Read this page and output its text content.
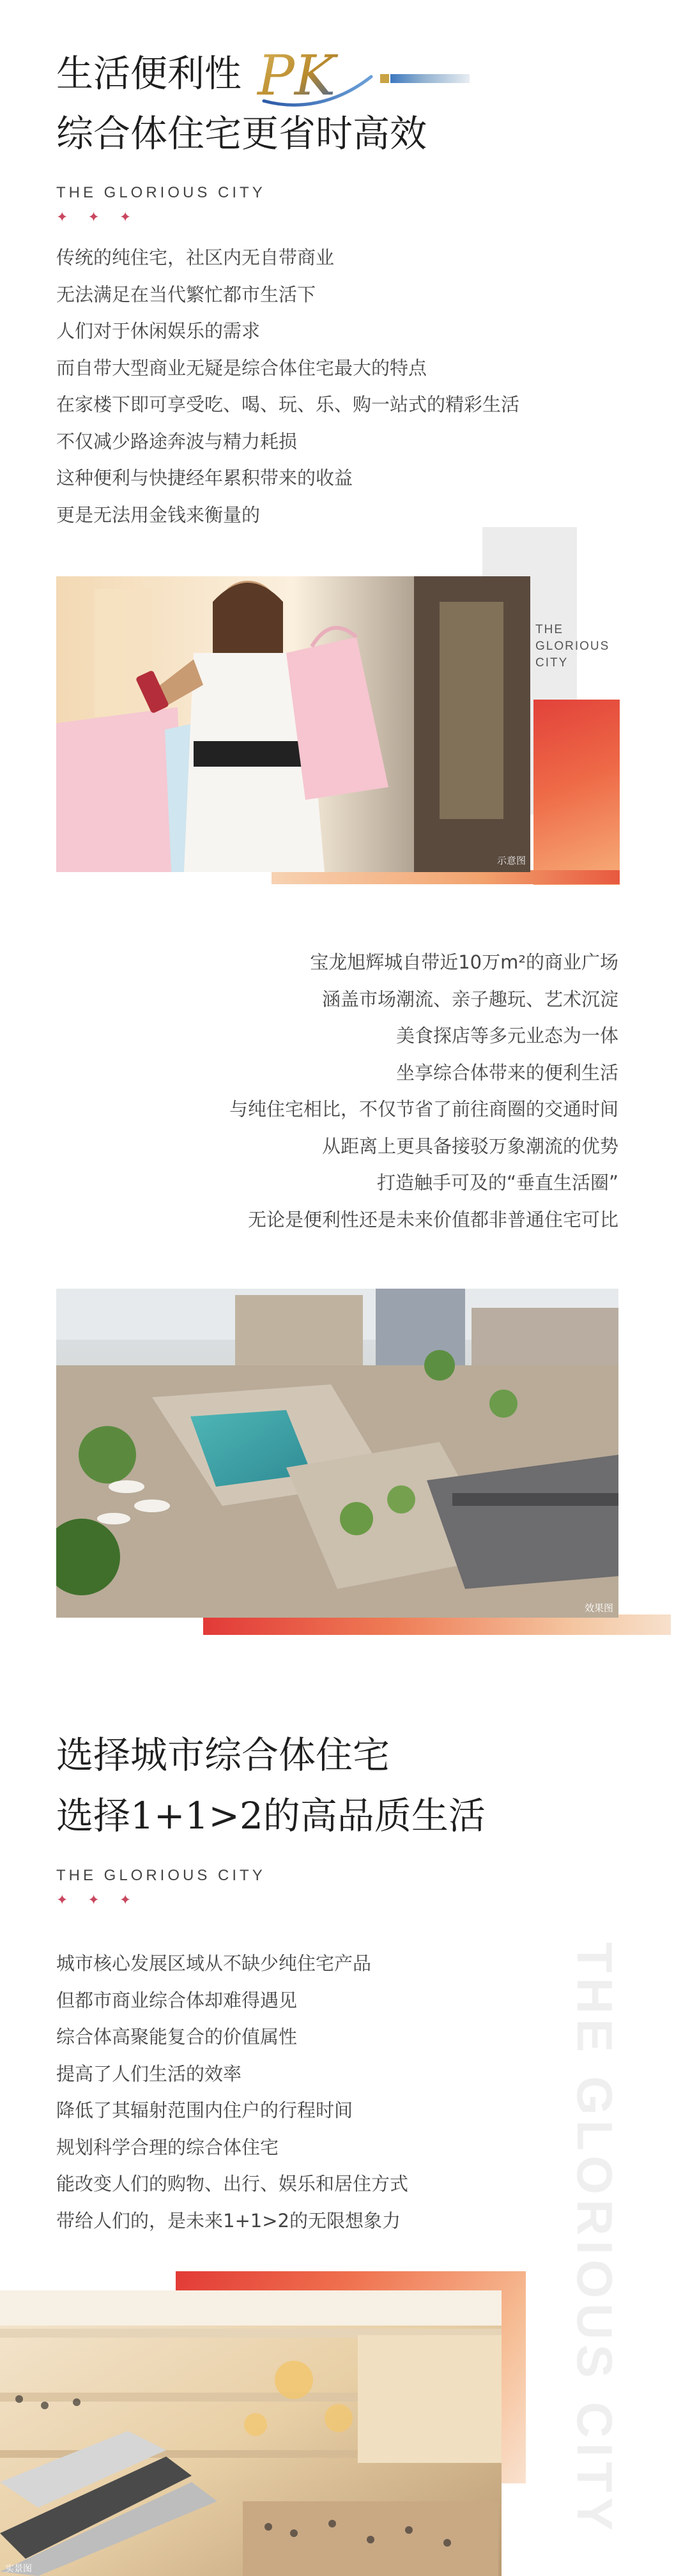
生活便利性 PK
综合体住宅更省时高效
THE GLORIOUS CITY
✦ ✦ ✦
传统的纯住宅，社区内无自带商业
无法满足在当代繁忙都市生活下
人们对于休闲娱乐的需求
而自带大型商业无疑是综合体住宅最大的特点
在家楼下即可享受吃、喝、玩、乐、购一站式的精彩生活
不仅减少路途奔波与精力耗损
这种便利与快捷经年累积带来的收益
更是无法用金钱来衡量的
THE
GLORIOUS
CITY
示意图
宝龙旭辉城自带近10万m²的商业广场
涵盖市场潮流、亲子趣玩、艺术沉淀
美食探店等多元业态为一体
坐享综合体带来的便利生活
与纯住宅相比，不仅节省了前往商圈的交通时间
从距离上更具备接驳万象潮流的优势
打造触手可及的“垂直生活圈”
无论是便利性还是未来价值都非普通住宅可比
效果图
选择城市综合体住宅
选择1+1>2的高品质生活
THE GLORIOUS CITY
✦ ✦ ✦
城市核心发展区域从不缺少纯住宅产品
但都市商业综合体却难得遇见
综合体高聚能复合的价值属性
提高了人们生活的效率
降低了其辐射范围内住户的行程时间
规划科学合理的综合体住宅
能改变人们的购物、出行、娱乐和居住方式
带给人们的，是未来1+1>2的无限想象力	THE GLORIOUS CITY
实景图
